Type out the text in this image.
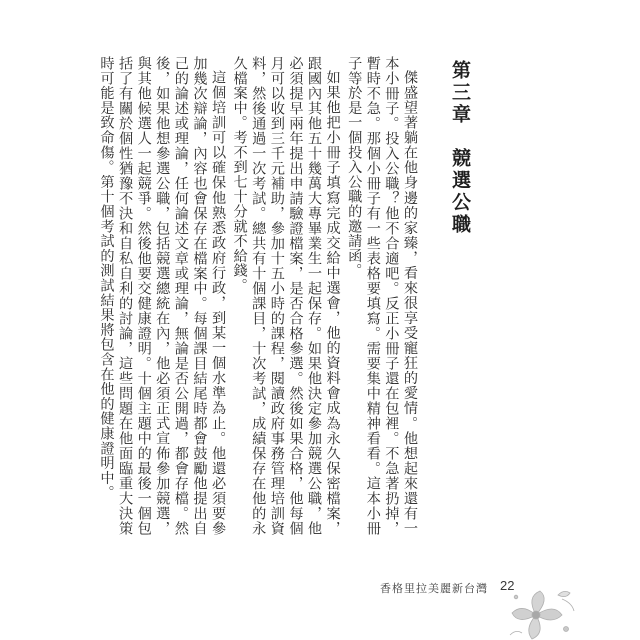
第三章競選公職

傑盛望著躺在他身邊的家臻，看來很享受寵狂的愛情。他想起來還有一本小冊子。投入公職？他不合適吧。反正小冊子還在包裡。不急著扔掉，暫時不急。那個小冊子有一些表格要填寫。需要集中精神看看。這本小冊子等於是一個投入公職的邀請函。

如果他把小冊子填寫完成交給中選會，他的資料會成為永久保密檔案，跟國內其他五十幾萬大專畢業生一起保存。如果他決定參加競選公職，他必須提早兩年提出申請驗證檔案，是否合格參選。然後如果合格，他每個月可以收到三千元補助，參加十五小時的課程，閱讀政府事務管理培訓資料，然後通過一次考試。總共有十個課目，十次考試，成績保存在他的永久檔案中。考不到七十分就不給錢。

這個培訓可以確保他熟悉政府行政，到某一個水準為止。他還必須要參加幾次辯論，內容也會保存在檔案中。每個課目結尾時都會鼓勵他提出自己的論述或理論，任何論述文章或理論，無論是否公開過，都會存檔。然後，如果他想參選公職，包括競選總統在內，他必須正式宣佈參加競選，與其他候選人一起競爭。然後他要交健康證明。十個主題中的最後一個包括了有關於個性猶豫不決和自私自利的討論，這些問題在他面臨重大決策時可能是致命傷。第十個考試的測試結果將包含在他的健康證明中。

香格里拉美麗新台灣 22
